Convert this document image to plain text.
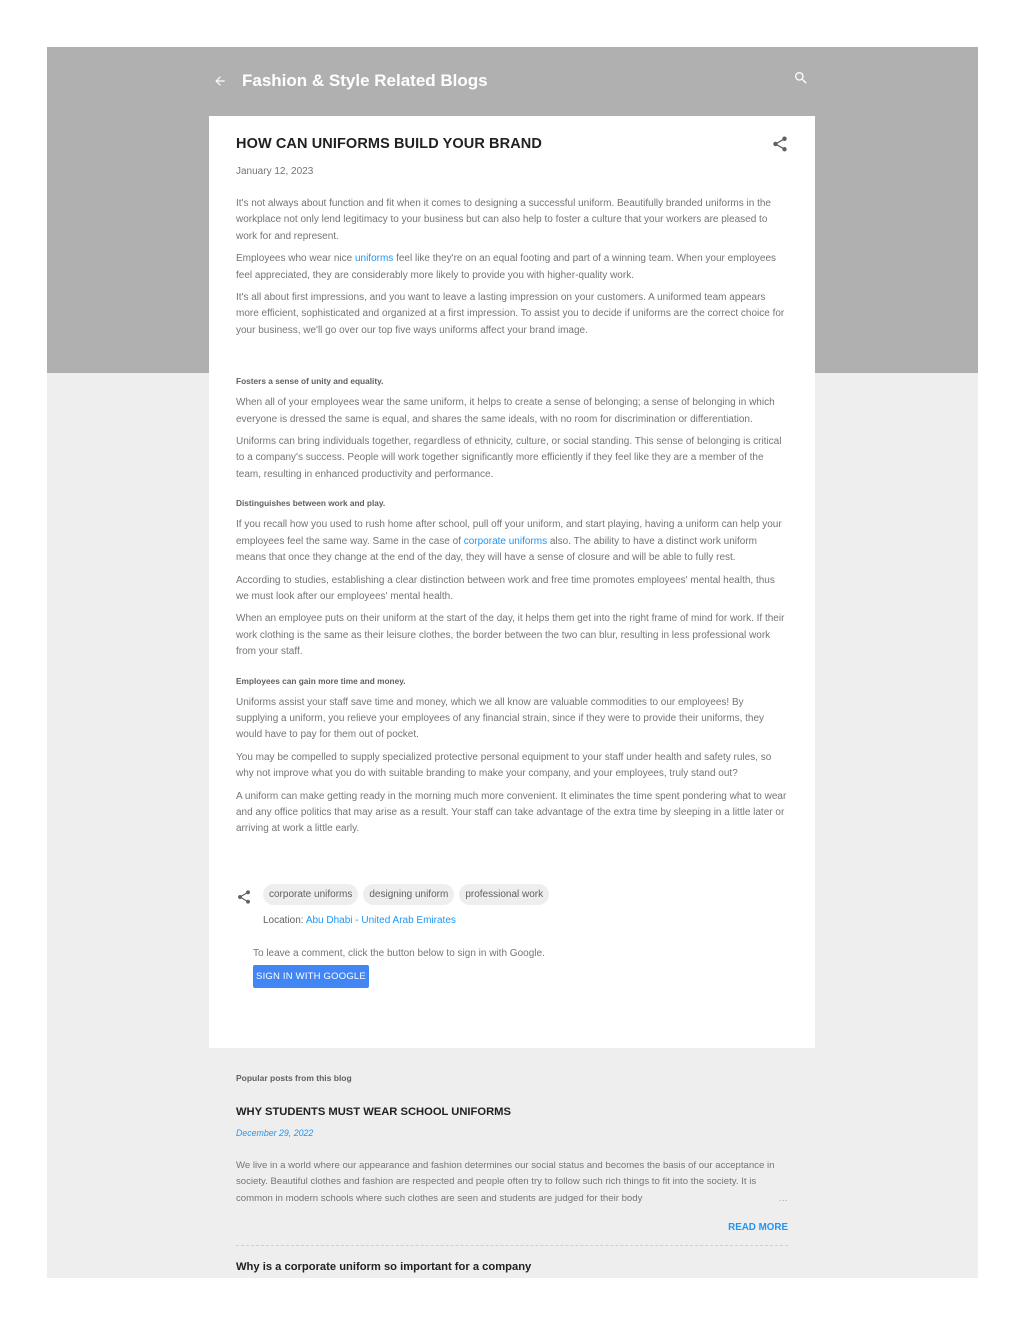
Fashion & Style Related Blogs
HOW CAN UNIFORMS BUILD YOUR BRAND
January 12, 2023

It's not always about function and fit when it comes to designing a successful uniform. Beautifully branded uniforms in the workplace not only lend legitimacy to your business but can also help to foster a culture that your workers are pleased to work for and represent.

Employees who wear nice uniforms feel like they're on an equal footing and part of a winning team. When your employees feel appreciated, they are considerably more likely to provide you with higher-quality work.

It's all about first impressions, and you want to leave a lasting impression on your customers. A uniformed team appears more efficient, sophisticated and organized at a first impression. To assist you to decide if uniforms are the correct choice for your business, we'll go over our top five ways uniforms affect your brand image.

Fosters a sense of unity and equality.

When all of your employees wear the same uniform, it helps to create a sense of belonging; a sense of belonging in which everyone is dressed the same is equal, and shares the same ideals, with no room for discrimination or differentiation.

Uniforms can bring individuals together, regardless of ethnicity, culture, or social standing. This sense of belonging is critical to a company's success. People will work together significantly more efficiently if they feel like they are a member of the team, resulting in enhanced productivity and performance.

Distinguishes between work and play.

If you recall how you used to rush home after school, pull off your uniform, and start playing, having a uniform can help your employees feel the same way. Same in the case of corporate uniforms also. The ability to have a distinct work uniform means that once they change at the end of the day, they will have a sense of closure and will be able to fully rest.

According to studies, establishing a clear distinction between work and free time promotes employees' mental health, thus we must look after our employees' mental health.

When an employee puts on their uniform at the start of the day, it helps them get into the right frame of mind for work. If their work clothing is the same as their leisure clothes, the border between the two can blur, resulting in less professional work from your staff.

Employees can gain more time and money.

Uniforms assist your staff save time and money, which we all know are valuable commodities to our employees! By supplying a uniform, you relieve your employees of any financial strain, since if they were to provide their uniforms, they would have to pay for them out of pocket.

You may be compelled to supply specialized protective personal equipment to your staff under health and safety rules, so why not improve what you do with suitable branding to make your company, and your employees, truly stand out?

A uniform can make getting ready in the morning much more convenient. It eliminates the time spent pondering what to wear and any office politics that may arise as a result. Your staff can take advantage of the extra time by sleeping in a little later or arriving at work a little early.

corporate uniforms	designing uniform	professional work
Location: Abu Dhabi - United Arab Emirates
To leave a comment, click the button below to sign in with Google.
SIGN IN WITH GOOGLE
Popular posts from this blog
WHY STUDENTS MUST WEAR SCHOOL UNIFORMS
December 29, 2022
We live in a world where our appearance and fashion determines our social status and becomes the basis of our acceptance in society. Beautiful clothes and fashion are respected and people often try to follow such rich things to fit into the society. It is common in modern schools where such clothes are seen and students are judged for their body	…
READ MORE
Why is a corporate uniform so important for a company
